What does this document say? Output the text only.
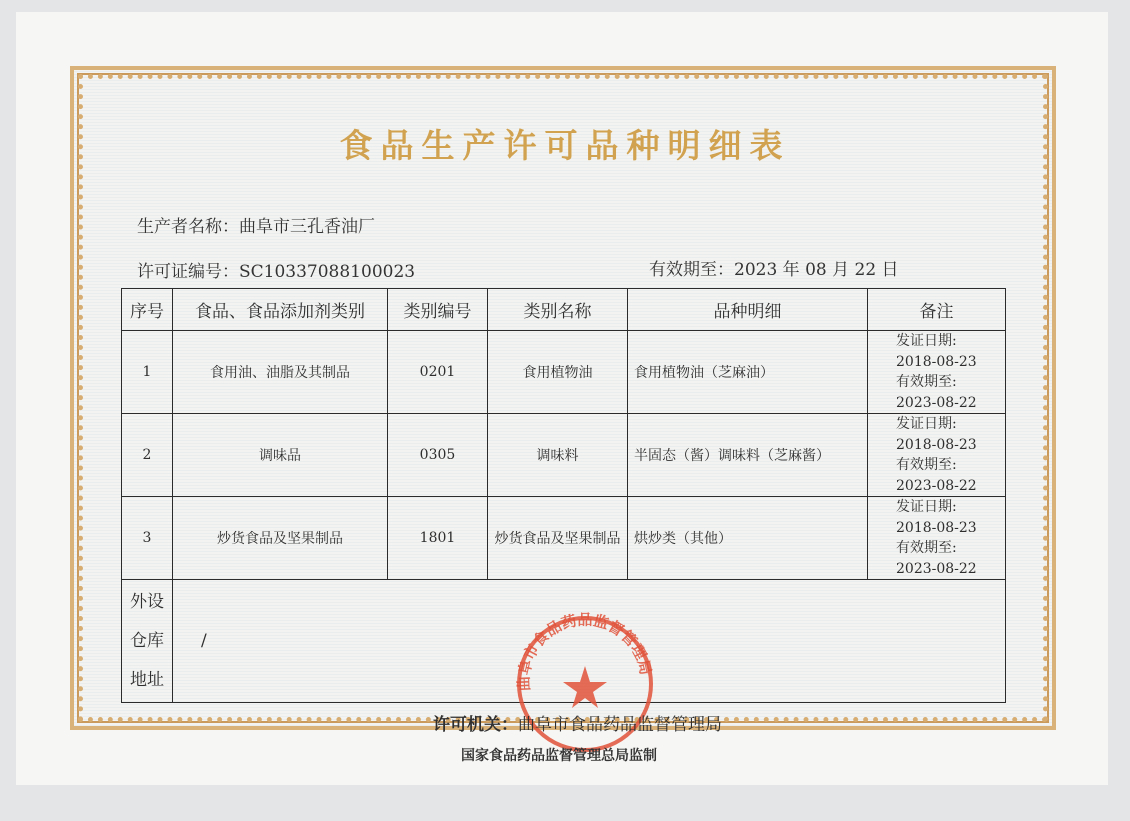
食品生产许可品种明细表
生产者名称：曲阜市三孔香油厂
许可证编号：SC10337088100023	有效期至：2023 年 08 月 22 日
序号	食品、食品添加剂类别	类别编号	类别名称	品种明细	备注
1	食用油、油脂及其制品	0201	食用植物油	食用植物油（芝麻油）	发证日期:
2018-08-23
有效期至:
2023-08-22

2	调味品	0305	调味料	半固态（酱）调味料（芝麻酱）	发证日期:
2018-08-23
有效期至:
2023-08-22

3	炒货食品及坚果制品	1801	炒货食品及坚果制品	烘炒类（其他）	发证日期:
2018-08-23
有效期至:
2023-08-22

外设
仓库
地址	/				
曲阜市食品药品监督管理局
许可机关：曲阜市食品药品监督管理局
国家食品药品监督管理总局监制
